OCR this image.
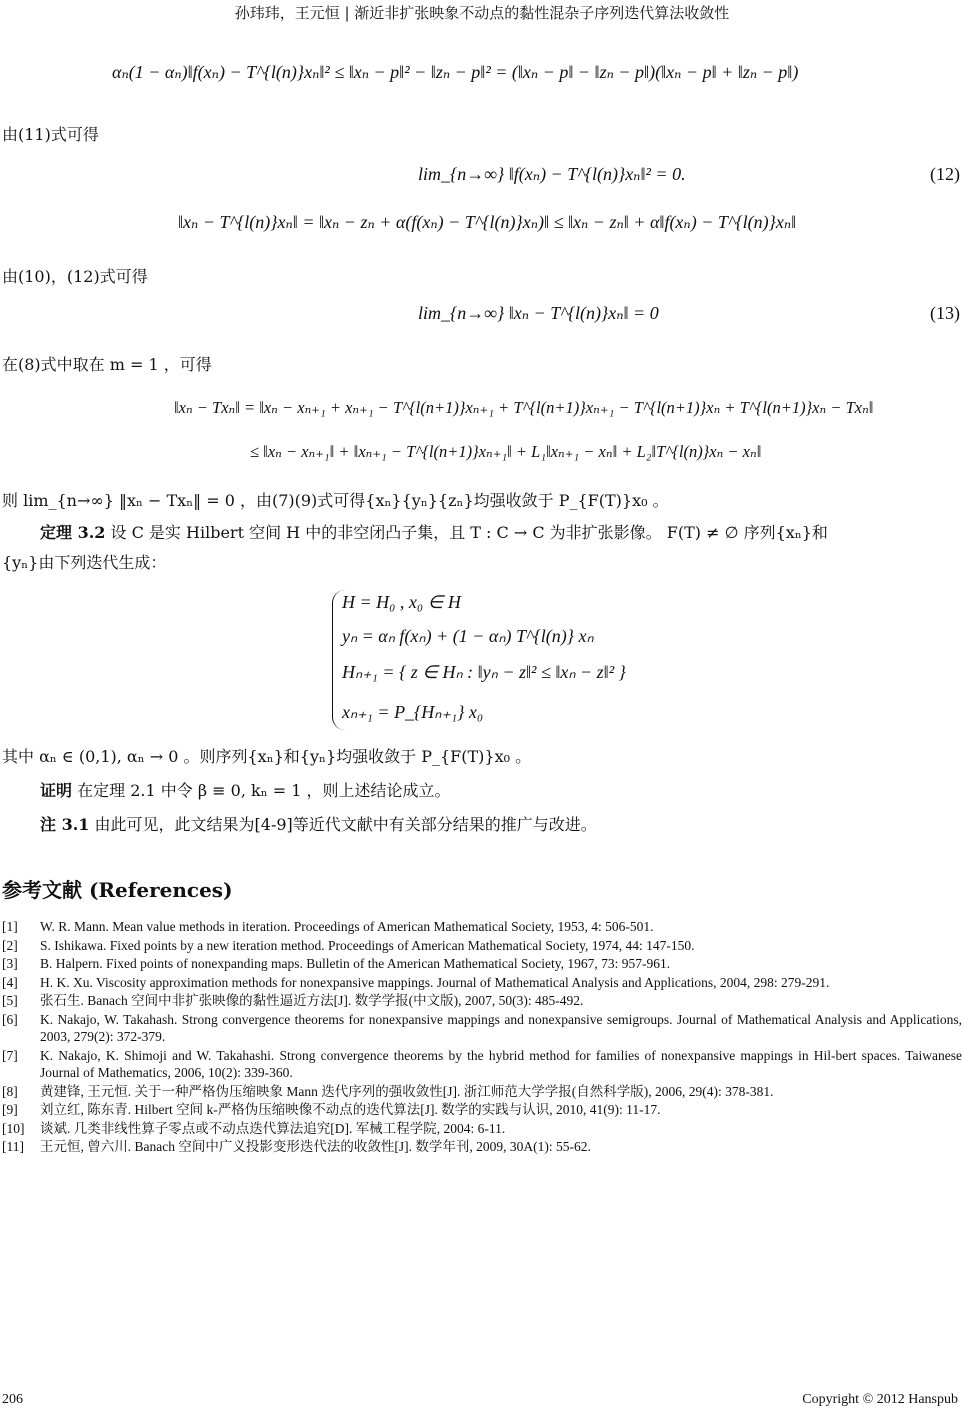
孙玮玮，王元恒 | 渐近非扩张映象不动点的黏性混杂子序列迭代算法收敛性
αₙ(1 − αₙ)‖f(xₙ) − T^{l(n)}xₙ‖² ≤ ‖xₙ − p‖² − ‖zₙ − p‖² = (‖xₙ − p‖ − ‖zₙ − p‖)(‖xₙ − p‖ + ‖zₙ − p‖)
由(11)式可得
lim_{n→∞} ‖f(xₙ) − T^{l(n)}xₙ‖² = 0.	(12)
‖xₙ − T^{l(n)}xₙ‖ = ‖xₙ − zₙ + α(f(xₙ) − T^{l(n)}xₙ)‖ ≤ ‖xₙ − zₙ‖ + α‖f(xₙ) − T^{l(n)}xₙ‖
由(10)，(12)式可得
lim_{n→∞} ‖xₙ − T^{l(n)}xₙ‖ = 0	(13)
在(8)式中取在 m = 1 ，可得
‖xₙ − Txₙ‖ = ‖xₙ − xₙ₊₁ + xₙ₊₁ − T^{l(n+1)}xₙ₊₁ + T^{l(n+1)}xₙ₊₁ − T^{l(n+1)}xₙ + T^{l(n+1)}xₙ − Txₙ‖
≤ ‖xₙ − xₙ₊₁‖ + ‖xₙ₊₁ − T^{l(n+1)}xₙ₊₁‖ + L₁‖xₙ₊₁ − xₙ‖ + L₂‖T^{l(n)}xₙ − xₙ‖
则 lim_{n→∞} ‖xₙ − Txₙ‖ = 0 ，由(7)(9)式可得{xₙ}{yₙ}{zₙ}均强收敛于 P_{F(T)}x₀ 。
定理 3.2 设 C 是实 Hilbert 空间 H 中的非空闭凸子集，且 T : C → C 为非扩张影像。 F(T) ≠ ∅ 序列{xₙ}和
{yₙ}由下列迭代生成：
H = H₀ , x₀ ∈ H
yₙ = αₙ f(xₙ) + (1 − αₙ) T^{l(n)} xₙ
Hₙ₊₁ = { z ∈ Hₙ : ‖yₙ − z‖² ≤ ‖xₙ − z‖² }
xₙ₊₁ = P_{Hₙ₊₁} x₀
其中 αₙ ∈ (0,1), αₙ → 0 。则序列{xₙ}和{yₙ}均强收敛于 P_{F(T)}x₀ 。
证明 在定理 2.1 中令 β ≡ 0, kₙ = 1 ，则上述结论成立。
注 3.1 由此可见，此文结果为[4-9]等近代文献中有关部分结果的推广与改进。
参考文献 (References)
[1]	W. R. Mann. Mean value methods in iteration. Proceedings of American Mathematical Society, 1953, 4: 506-501.
[2]	S. Ishikawa. Fixed points by a new iteration method. Proceedings of American Mathematical Society, 1974, 44: 147-150.
[3]	B. Halpern. Fixed points of nonexpanding maps. Bulletin of the American Mathematical Society, 1967, 73: 957-961.
[4]	H. K. Xu. Viscosity approximation methods for nonexpansive mappings. Journal of Mathematical Analysis and Applications, 2004, 298: 279-291.
[5]	张石生. Banach 空间中非扩张映像的黏性逼近方法[J]. 数学学报(中文版), 2007, 50(3): 485-492.
[6]	K. Nakajo, W. Takahash. Strong convergence theorems for nonexpansive mappings and nonexpansive semigroups. Journal of Mathematical Analysis and Applications, 2003, 279(2): 372-379.
[7]	K. Nakajo, K. Shimoji and W. Takahashi. Strong convergence theorems by the hybrid method for families of nonexpansive mappings in Hil-bert spaces. Taiwanese Journal of Mathematics, 2006, 10(2): 339-360.
[8]	黄建锋, 王元恒. 关于一种严格伪压缩映象 Mann 迭代序列的强收敛性[J]. 浙江师范大学学报(自然科学版), 2006, 29(4): 378-381.
[9]	刘立红, 陈东青. Hilbert 空间 k-严格伪压缩映像不动点的迭代算法[J]. 数学的实践与认识, 2010, 41(9): 11-17.
[10]	谈斌. 几类非线性算子零点或不动点迭代算法追究[D]. 军械工程学院, 2004: 6-11.
[11]	王元恒, 曾六川. Banach 空间中广义投影变形迭代法的收敛性[J]. 数学年刊, 2009, 30A(1): 55-62.
206	Copyright © 2012 Hanspub
